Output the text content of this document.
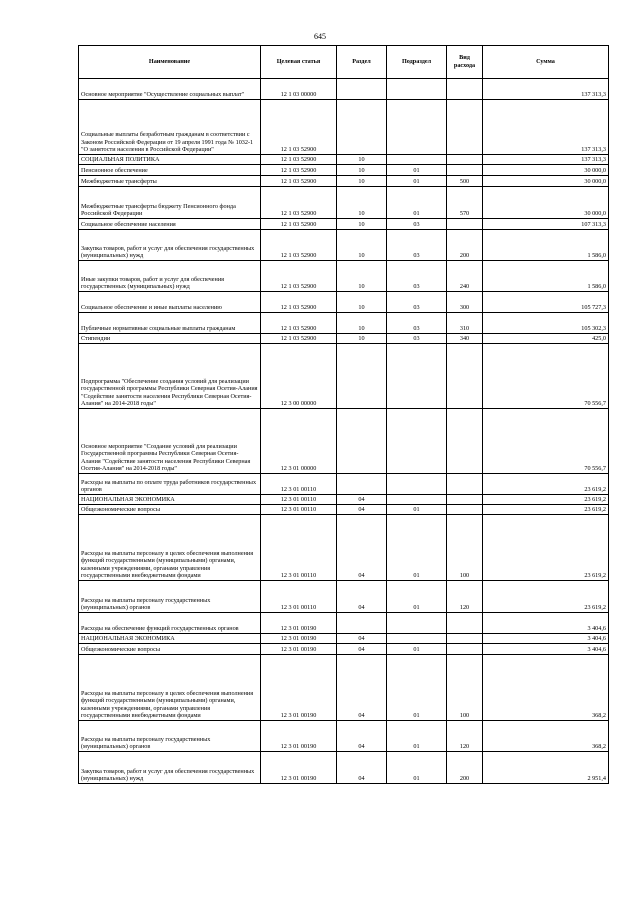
645
Наименование	Целевая статья	Раздел	Подраздел	Вид расхода	Сумма
Основное мероприятие "Осуществление социальных выплат"	12 1 03 00000				137 313,3
Социальные выплаты безработным гражданам в соответствии с Законом Российской Федерации от 19 апреля 1991 года № 1032-1 "О занятости населения в Российской Федерации"	12 1 03 52900				137 313,3
СОЦИАЛЬНАЯ ПОЛИТИКА	12 1 03 52900	10			137 313,3
Пенсионное обеспечение	12 1 03 52900	10	01		30 000,0
Межбюджетные трансферты	12 1 03 52900	10	01	500	30 000,0
Межбюджетные трансферты бюджету Пенсионного фонда Российской Федерации	12 1 03 52900	10	01	570	30 000,0
Социальное обеспечение населения	12 1 03 52900	10	03		107 313,3
Закупка товаров, работ и услуг для обеспечения государственных (муниципальных) нужд	12 1 03 52900	10	03	200	1 586,0
Иные закупки товаров, работ и услуг для обеспечения государственных (муниципальных) нужд	12 1 03 52900	10	03	240	1 586,0
Социальное обеспечение и иные выплаты населению	12 1 03 52900	10	03	300	105 727,3
Публичные нормативные социальные выплаты гражданам	12 1 03 52900	10	03	310	105 302,3
Стипендии	12 1 03 52900	10	03	340	425,0
Подпрограмма "Обеспечение создания условий для реализации государственной программы Республики Северная Осетия-Алания "Содействие занятости населения Республики Северная Осетия-Алания" на 2014-2018 годы"	12 3 00 00000				70 556,7
Основное мероприятие "Создание условий для реализации Государственной программы Республики Северная Осетия-Алания "Содействие занятости населения Республики Северная Осетия-Алания" на 2014-2018 годы"	12 3 01 00000				70 556,7
Расходы на выплаты по оплате труда работников государственных органов	12 3 01 00110				23 619,2
НАЦИОНАЛЬНАЯ ЭКОНОМИКА	12 3 01 00110	04			23 619,2
Общеэкономические вопросы	12 3 01 00110	04	01		23 619,2
Расходы на выплаты персоналу в целях обеспечения выполнения функций государственными (муниципальными) органами, казенными учреждениями, органами управления государственными внебюджетными фондами	12 3 01 00110	04	01	100	23 619,2
Расходы на выплаты персоналу государственных (муниципальных) органов	12 3 01 00110	04	01	120	23 619,2
Расходы на обеспечение функций государственных органов	12 3 01 00190				3 404,6
НАЦИОНАЛЬНАЯ ЭКОНОМИКА	12 3 01 00190	04			3 404,6
Общеэкономические вопросы	12 3 01 00190	04	01		3 404,6
Расходы на выплаты персоналу в целях обеспечения выполнения функций государственными (муниципальными) органами, казенными учреждениями, органами управления государственными внебюджетными фондами	12 3 01 00190	04	01	100	368,2
Расходы на выплаты персоналу государственных (муниципальных) органов	12 3 01 00190	04	01	120	368,2
Закупка товаров, работ и услуг для обеспечения государственных (муниципальных) нужд	12 3 01 00190	04	01	200	2 951,4
